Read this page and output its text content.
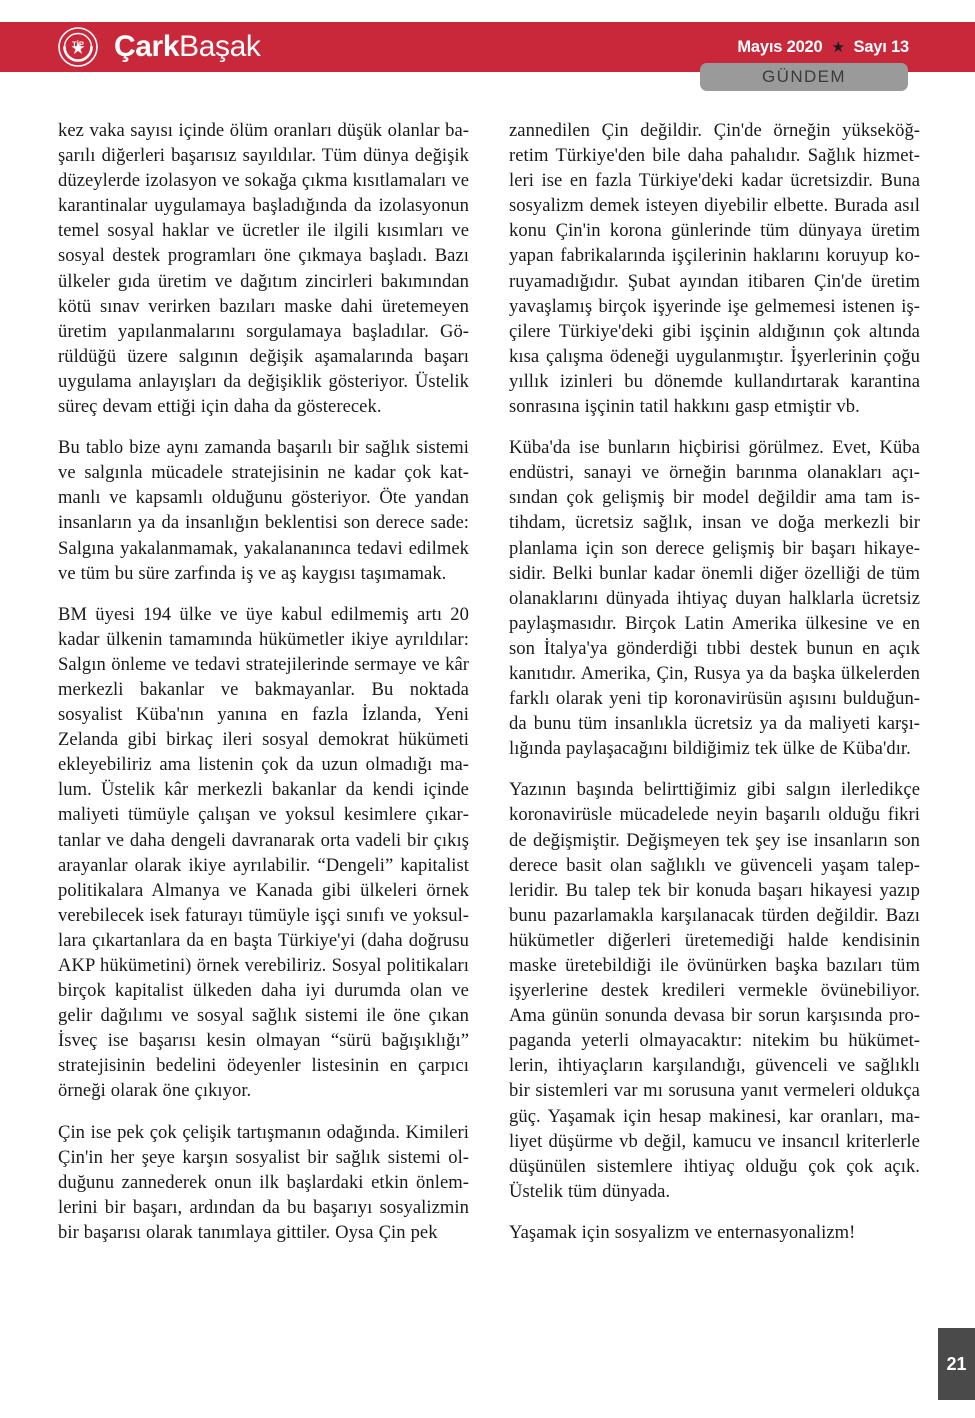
TİP ÇarkBaşak	Mayıs 2020 ★ Sayı 13
GÜNDEM

kez vaka sayısı içinde ölüm oranları düşük olanlar başarılı diğerleri başarısız sayıldılar. Tüm dünya değişik düzeylerde izolasyon ve sokağa çıkma kısıtlamaları ve karantinalar uygulamaya başladığında da izolasyonun temel sosyal haklar ve ücretler ile ilgili kısımları ve sosyal destek programları öne çıkmaya başladı. Bazı ülkeler gıda üretim ve dağıtım zincirleri bakımından kötü sınav verirken bazıları maske dahi üretemeyen üretim yapılanmalarını sorgulamaya başladılar. Görüldüğü üzere salgının değişik aşamalarında başarı uygulama anlayışları da değişiklik gösteriyor. Üstelik süreç devam ettiği için daha da gösterecek.

Bu tablo bize aynı zamanda başarılı bir sağlık sistemi ve salgınla mücadele stratejisinin ne kadar çok katmanlı ve kapsamlı olduğunu gösteriyor. Öte yandan insanların ya da insanlığın beklentisi son derece sade: Salgına yakalanmamak, yakalananınca tedavi edilmek ve tüm bu süre zarfında iş ve aş kaygısı taşımamak.

BM üyesi 194 ülke ve üye kabul edilmemiş artı 20 kadar ülkenin tamamında hükümetler ikiye ayrıldılar: Salgın önleme ve tedavi stratejilerinde sermaye ve kâr merkezli bakanlar ve bakmayanlar. Bu noktada sosyalist Küba'nın yanına en fazla İzlanda, Yeni Zelanda gibi birkaç ileri sosyal demokrat hükümeti ekleyebiliriz ama listenin çok da uzun olmadığı malum. Üstelik kâr merkezli bakanlar da kendi içinde maliyeti tümüyle çalışan ve yoksul kesimlere çıkartanlar ve daha dengeli davranarak orta vadeli bir çıkış arayanlar olarak ikiye ayrılabilir. “Dengeli” kapitalist politikalara Almanya ve Kanada gibi ülkeleri örnek verebilecek isek faturayı tümüyle işçi sınıfı ve yoksullara çıkartanlara da en başta Türkiye'yi (daha doğrusu AKP hükümetini) örnek verebiliriz. Sosyal politikaları birçok kapitalist ülkeden daha iyi durumda olan ve gelir dağılımı ve sosyal sağlık sistemi ile öne çıkan İsveç ise başarısı kesin olmayan “sürü bağışıklığı” stratejisinin bedelini ödeyenler listesinin en çarpıcı örneği olarak öne çıkıyor.

Çin ise pek çok çelişik tartışmanın odağında. Kimileri Çin'in her şeye karşın sosyalist bir sağlık sistemi olduğunu zannederek onun ilk başlardaki etkin önlemlerini bir başarı, ardından da bu başarıyı sosyalizmin bir başarısı olarak tanımlaya gittiler. Oysa Çin pek

zannedilen Çin değildir. Çin'de örneğin yükseköğretim Türkiye'den bile daha pahalıdır. Sağlık hizmetleri ise en fazla Türkiye'deki kadar ücretsizdir. Buna sosyalizm demek isteyen diyebilir elbette. Burada asıl konu Çin'in korona günlerinde tüm dünyaya üretim yapan fabrikalarında işçilerinin haklarını koruyup koruyamadığıdır. Şubat ayından itibaren Çin'de üretim yavaşlamış birçok işyerinde işe gelmemesi istenen işçilere Türkiye'deki gibi işçinin aldığının çok altında kısa çalışma ödeneği uygulanmıştır. İşyerlerinin çoğu yıllık izinleri bu dönemde kullandırtarak karantina sonrasına işçinin tatil hakkını gasp etmiştir vb.

Küba'da ise bunların hiçbirisi görülmez. Evet, Küba endüstri, sanayi ve örneğin barınma olanakları açısından çok gelişmiş bir model değildir ama tam istihdam, ücretsiz sağlık, insan ve doğa merkezli bir planlama için son derece gelişmiş bir başarı hikayesidir. Belki bunlar kadar önemli diğer özelliği de tüm olanaklarını dünyada ihtiyaç duyan halklarla ücretsiz paylaşmasıdır. Birçok Latin Amerika ülkesine ve en son İtalya'ya gönderdiği tıbbi destek bunun en açık kanıtıdır. Amerika, Çin, Rusya ya da başka ülkelerden farklı olarak yeni tip koronavirüsün aşısını bulduğunda bunu tüm insanlıkla ücretsiz ya da maliyeti karşılığında paylaşacağını bildiğimiz tek ülke de Küba'dır.

Yazının başında belirttiğimiz gibi salgın ilerledikçe koronavirüsle mücadelede neyin başarılı olduğu fikri de değişmiştir. Değişmeyen tek şey ise insanların son derece basit olan sağlıklı ve güvenceli yaşam talepleridir. Bu talep tek bir konuda başarı hikayesi yazıp bunu pazarlamakla karşılanacak türden değildir. Bazı hükümetler diğerleri üretemediği halde kendisinin maske üretebildiği ile övünürken başka bazıları tüm işyerlerine destek kredileri vermekle övünebiliyor. Ama günün sonunda devasa bir sorun karşısında propaganda yeterli olmayacaktır: nitekim bu hükümetlerin, ihtiyaçların karşılandığı, güvenceli ve sağlıklı bir sistemleri var mı sorusuna yanıt vermeleri oldukça güç. Yaşamak için hesap makinesi, kar oranları, maliyet düşürme vb değil, kamucu ve insancıl kriterlerle düşünülen sistemlere ihtiyaç olduğu çok çok açık. Üstelik tüm dünyada.

Yaşamak için sosyalizm ve enternasyonalizm!

21
